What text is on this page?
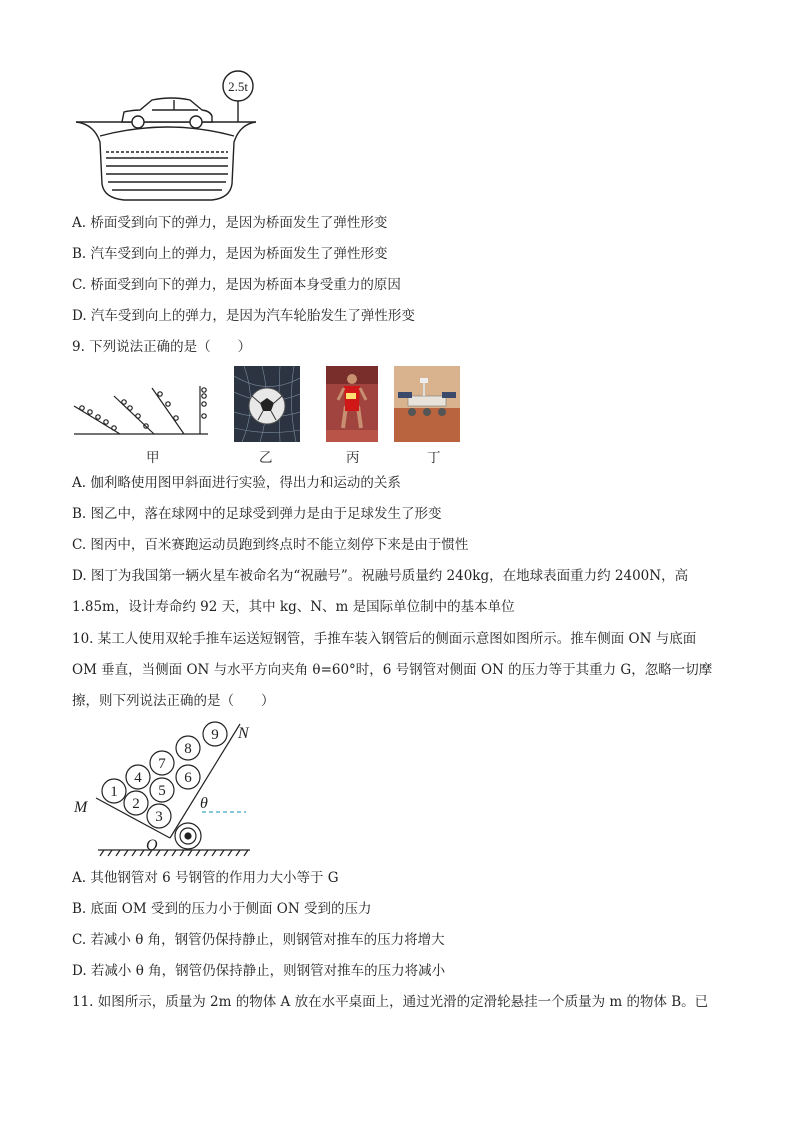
2.5t
A. 桥面受到向下的弹力，是因为桥面发生了弹性形变
B. 汽车受到向上的弹力，是因为桥面发生了弹性形变
C. 桥面受到向下的弹力，是因为桥面本身受重力的原因
D. 汽车受到向上的弹力，是因为汽车轮胎发生了弹性形变
9. 下列说法正确的是（　　）
甲	乙	丙	丁
A. 伽利略使用图甲斜面进行实验，得出力和运动的关系
B. 图乙中，落在球网中的足球受到弹力是由于足球发生了形变
C. 图丙中，百米赛跑运动员跑到终点时不能立刻停下来是由于惯性
D. 图丁为我国第一辆火星车被命名为“祝融号”。祝融号质量约 240kg，在地球表面重力约 2400N，高
1.85m，设计寿命约 92 天，其中 kg、N、m 是国际单位制中的基本单位
10. 某工人使用双轮手推车运送短钢管，手推车装入钢管后的侧面示意图如图所示。推车侧面 ON 与底面
OM 垂直，当侧面 ON 与水平方向夹角 θ=60°时，6 号钢管对侧面 ON 的压力等于其重力 G，忽略一切摩
擦，则下列说法正确的是（　　）
1
2
3
4
5
6
7
8
9
M
N
O
θ
A. 其他钢管对 6 号钢管的作用力大小等于 G
B. 底面 OM 受到的压力小于侧面 ON 受到的压力
C. 若减小 θ 角，钢管仍保持静止，则钢管对推车的压力将增大
D. 若减小 θ 角，钢管仍保持静止，则钢管对推车的压力将减小
11. 如图所示，质量为 2m 的物体 A 放在水平桌面上，通过光滑的定滑轮悬挂一个质量为 m 的物体 B。已
